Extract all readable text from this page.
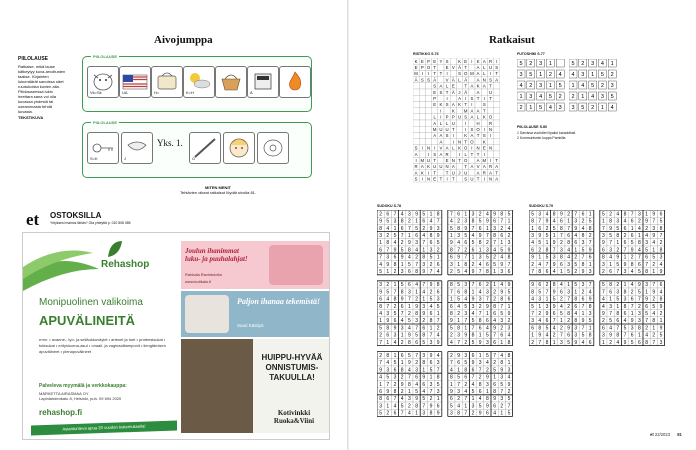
Aivojumppa
PIILOLAUSE
Ratkaise, mikä lause kätkeytyy kuva-arvoitusten taakse. Kirjainten lukumäärät sanoissa näet ruudukoista kuvien alla. Piilolauseessa lukin heettara sana voi olla kuvassa yhdestä tai useammasta tehdä kuvasta.
TEKSTIKUVA
PIILOLAUSE
Vk=Sk	UA	H=	K=H	Ä
PIILOLAUSE
S=K	J
Yks. 1.
O
MITEN MENIT
Tehtävien oikeat ratkaisut löydät sivulta 81.
et OSTOKSILLA
Yrityksesi mainos tähän? Ota yhteyttä p. 010 808 085
Rehashop
Monipuolinen valikoima
APUVÄLINEITÄ
rmm. • avanne-, tyo- ja seiläukkuväylet • arteset ja tuet • proteesisukat • tukisukat • eritysluoma-asut • onaali- ja vaginaalitamponit • liengtämisen apuvälineet • pienapuvälineet
Palveleva myymälä ja verkkokauppa:
MÄRKETTA AIRASMAA OY
Lapinlahdenkatu 8, Helsinki, puh. 09 694 2020
rehashop.fi
Asiantunteva apua 20 vuoden kokemuksella!
Joulun ihanimmat luku- ja puuhalahjat!
Rahkala Ravintoloita
www.kotikalo.fi
Paljon ihanaa tekemistä!
Suuri Käsityö
HUIPPU-HYVÄÄ ONNISTUMIS-TAKUULLA!
Kotivinkki Ruoka&Viini
Ratkaisut
RISTIKKO S.76
K E P E Y S K E I K A R I
E P O T E V Ä T A L U S
M I I T T I S O M A L I T
Ä S S Ä V Ä L Ä A N S A
S A L E T A K A T
E S T Ä J Ä A U
P I A I S T I T
E K S A K T I S
I K M A A T
L I P P U S A L K O
A L L U I H R
M U U T I S O I N
A A S I K A T S I
A I N T O K
S I N I V A L K O I N E N
A I S A R I L T T I
I M U T E N T O A M I T
R A K U U N A T A V A R A
A K I T T U J U A R A T
S I N E T I T S U T I N A
FUTOSHIKI S.77
5 2 3 1
3 5 1 2 4
4 2 3 1 5
1 3 4 5 2
2 1 5 4 3
5 2 3 4 1
4 3 1 5 2
1 4 5 2 3
2 1 4 3 5
3 5 2 1 4
PIILOLAUSE S.80
1 Sarvissa vuohdleri ilpailut karadolksti.
2 Kommunismin kuppa Pamirilla
SUDOKU S.78
2 6 7 4 3 9 5 1 8
9 5 3 8 2 1 6 4 7
8 4 1 6 7 5 2 9 3
3 2 5 7 1 6 4 8 9
1 8 4 2 9 3 7 6 5
6 7 9 5 8 4 1 3 2
7 3 6 9 4 2 8 5 1
4 9 8 1 5 7 3 2 6
5 1 2 3 6 8 9 7 4
7 6 1 3 2 4 9 8 5
4 2 3 8 5 9 6 7 1
5 8 9 7 6 1 3 2 4
1 3 5 4 9 7 8 6 2
9 4 6 5 8 2 7 1 3
8 7 2 6 1 3 4 5 9
6 9 7 1 3 5 2 4 8
3 1 8 2 4 6 5 9 7
2 5 4 9 7 8 1 3 6
3 2 1 5 6 4 7 9 8
9 5 7 8 3 1 4 2 6
6 4 8 9 7 2 1 5 3
8 7 2 6 1 9 3 4 5
4 3 5 7 2 8 9 6 1
1 9 6 4 5 3 2 8 7
5 8 9 3 4 7 6 1 2
2 6 3 1 9 5 8 7 4
7 1 4 2 8 6 5 3 9
8 5 3 7 6 2 1 4 9
7 6 8 1 4 3 2 9 5
1 5 4 9 3 7 2 8 6
6 4 5 3 2 9 8 7 1
8 2 3 4 7 1 6 5 9
9 1 7 5 8 6 4 3 2
5 8 1 7 6 4 9 2 3
2 3 9 8 1 5 7 6 4
4 7 2 5 9 3 6 1 8
2 8 1 6 5 7 3 9 4
7 4 5 1 9 2 8 6 3
9 3 6 8 4 3 1 5 7
4 5 3 2 7 6 9 1 8
1 7 2 9 8 4 6 3 5
6 9 8 2 1 5 4 7 3
8 6 7 4 3 9 5 2 1
3 1 4 5 2 8 7 9 6
5 2 6 7 4 1 3 8 9
2 9 3 6 1 5 7 4 8
7 6 5 9 3 4 2 8 1
4 1 8 6 7 2 5 9 3
8 5 6 7 2 9 1 3 4
1 7 2 4 8 3 6 5 9
9 3 4 5 6 1 8 7 2
6 2 7 1 4 8 9 3 5
5 4 1 3 5 9 6 2 7
3 8 7 2 9 6 4 1 5
SUDOKU S.79
5 3 4 8 9 2 7 6 1
8 7 9 4 6 1 3 2 5
1 6 2 5 8 7 9 4 8
3 9 5 1 7 6 4 8 2
4 5 1 9 2 8 6 3 7
6 2 8 7 3 4 1 5 9
9 1 5 3 8 4 2 7 6
2 4 7 9 6 3 5 8 1
7 8 6 4 1 5 2 9 3
5 2 4 8 7 3 1 9 6
1 8 3 4 6 2 9 7 5
7 9 5 6 1 4 2 3 8
3 5 8 2 6 1 4 9 7
9 7 1 6 5 8 3 4 2
6 3 2 7 9 4 5 1 8
8 4 9 1 2 7 6 5 3
3 1 5 9 8 6 7 2 4
2 6 7 3 4 5 8 1 9
9 6 2 8 4 1 5 3 7
8 5 7 9 6 3 1 2 4
4 3 1 5 2 7 8 6 9
5 1 3 9 4 2 6 7 8
7 2 9 6 5 8 4 1 3
3 4 6 7 1 2 8 9 5
6 8 5 4 2 9 3 7 1
1 9 4 2 7 6 3 5 8
2 7 8 1 3 5 9 4 6
5 8 2 1 4 9 3 7 6
7 6 3 8 2 5 1 9 4
4 1 5 3 6 7 9 2 8
4 3 1 8 7 2 6 5 9
9 7 8 6 1 3 5 4 2
2 5 6 4 9 3 7 8 1
6 4 7 5 3 8 2 1 9
3 9 8 7 6 1 4 2 5
1 2 4 9 5 6 8 7 3
et 22/2023 81
